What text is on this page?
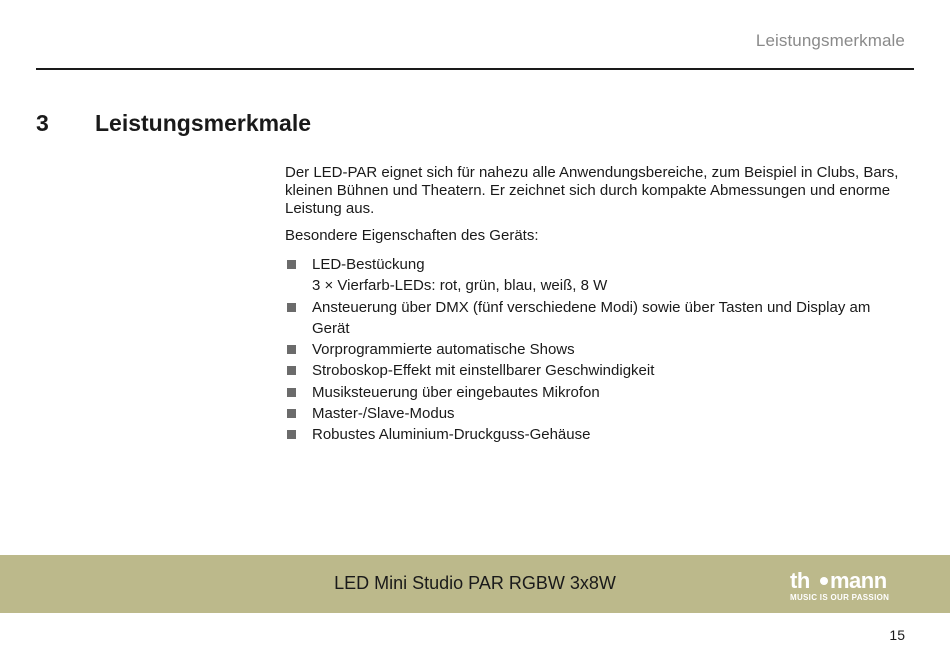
Leistungsmerkmale
3 Leistungsmerkmale

Der LED-PAR eignet sich für nahezu alle Anwendungsbereiche, zum Beispiel in Clubs, Bars, kleinen Bühnen und Theatern. Er zeichnet sich durch kompakte Abmessungen und enorme Leistung aus.

Besondere Eigenschaften des Geräts:

LED-Bestückung
3 × Vierfarb-LEDs: rot, grün, blau, weiß, 8 W
Ansteuerung über DMX (fünf verschiedene Modi) sowie über Tasten und Display am Gerät
Vorprogrammierte automatische Shows
Stroboskop-Effekt mit einstellbarer Geschwindigkeit
Musiksteuerung über eingebautes Mikrofon
Master-/Slave-Modus
Robustes Aluminium-Druckguss-Gehäuse
LED Mini Studio PAR RGBW 3x8W	th mann
MUSIC IS OUR PASSION
15
